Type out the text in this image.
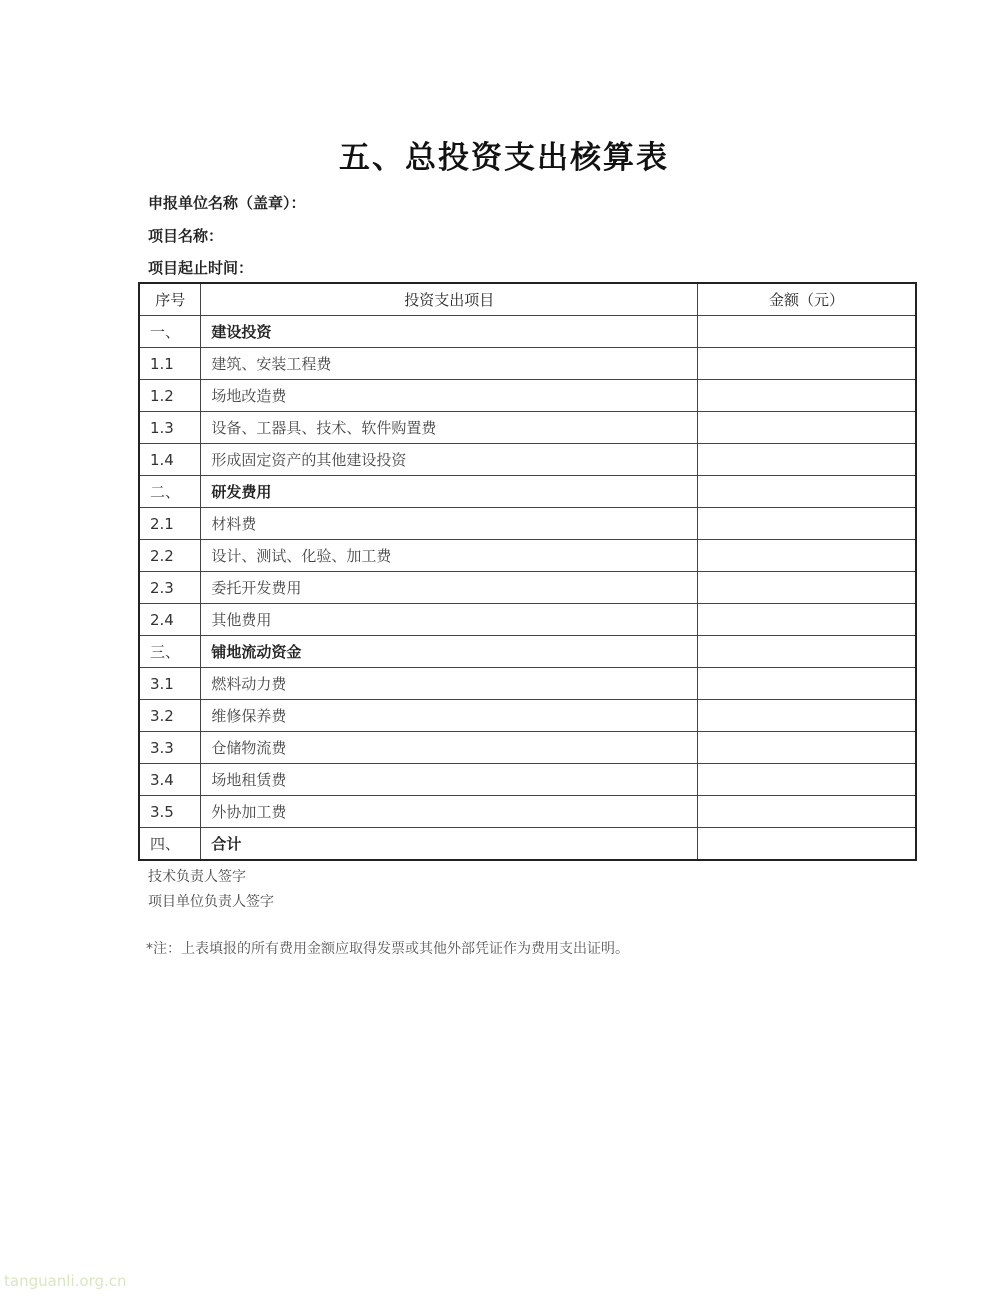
五、总投资支出核算表
申报单位名称（盖章）：
项目名称：
项目起止时间：
序号	投资支出项目	金额（元）
一、	建设投资	
1.1	建筑、安装工程费	
1.2	场地改造费	
1.3	设备、工器具、技术、软件购置费	
1.4	形成固定资产的其他建设投资	
二、	研发费用	
2.1	材料费	
2.2	设计、测试、化验、加工费	
2.3	委托开发费用	
2.4	其他费用	
三、	铺地流动资金	
3.1	燃料动力费	
3.2	维修保养费	
3.3	仓储物流费	
3.4	场地租赁费	
3.5	外协加工费	
四、	合计	
技术负责人签字
项目单位负责人签字
*注：上表填报的所有费用金额应取得发票或其他外部凭证作为费用支出证明。
tanguanli.org.cn
